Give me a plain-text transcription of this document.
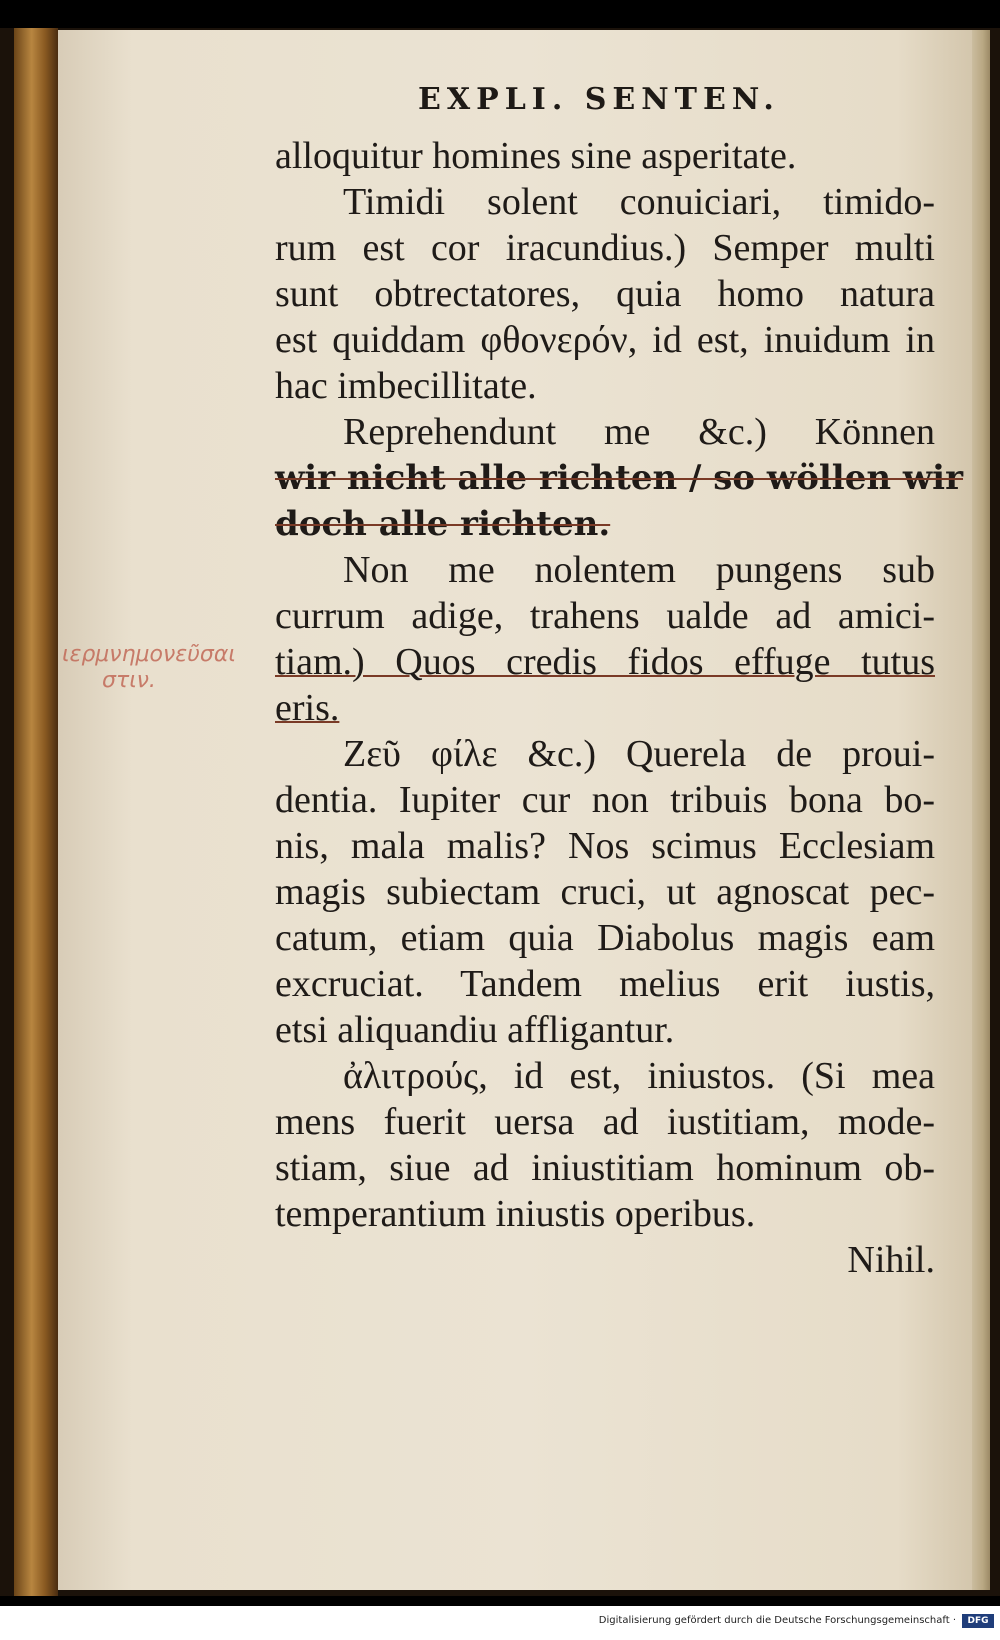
EXPLI. SENTEN.
ιερμνημονεῦσαι
στιν.
alloquitur homines sine asperitate.
Timidi solent conuiciari, timido-
rum est cor iracundius.) Semper multi
sunt obtrectatores, quia homo natura
est quiddam φθονερόν, id est, inuidum in
hac imbecillitate.
Reprehendunt me &c.) Können
wir nicht alle richten / so wöllen wir
doch alle richten.
Non me nolentem pungens sub
currum adige, trahens ualde ad amici-
tiam.) Quos credis fidos effuge tutus
eris.
Ζεῦ φίλε &c.) Querela de proui-
dentia. Iupiter cur non tribuis bona bo-
nis, mala malis? Nos scimus Ecclesiam
magis subiectam cruci, ut agnoscat pec-
catum, etiam quia Diabolus magis eam
excruciat. Tandem melius erit iustis,
etsi aliquandiu affligantur.
ἀλιτρούς, id est, iniustos. (Si mea
mens fuerit uersa ad iustitiam, mode-
stiam, siue ad iniustitiam hominum ob-
temperantium iniustis operibus.
Nihil.
Digitalisierung gefördert durch die Deutsche Forschungsgemeinschaft ·	DFG
